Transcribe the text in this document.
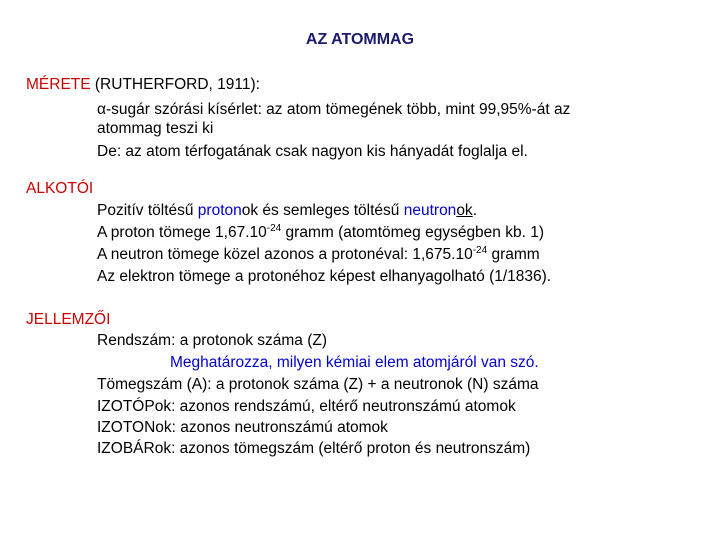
AZ ATOMMAG
MÉRETE (RUTHERFORD, 1911):
α-sugár szórási kísérlet: az atom tömegének több, mint 99,95%-át az
atommag teszi ki
De: az atom térfogatának csak nagyon kis hányadát foglalja el.
ALKOTÓI
Pozitív töltésű protonok és semleges töltésű neutronok.
A proton tömege $1,67.10^{-24}$ gramm (atomtömeg egységben kb. 1)
A neutron tömege közel azonos a protonéval: $1,675.10^{-24}$ gramm
Az elektron tömege a protonéhoz képest elhanyagolható (1/1836).
JELLEMZŐI
Rendszám: a protonok száma (Z)
Meghatározza, milyen kémiai elem atomjáról van szó.
Tömegszám (A): a protonok száma (Z) + a neutronok (N) száma
IZOTÓPok: azonos rendszámú, eltérő neutronszámú atomok
IZOTONok: azonos neutronszámú atomok
IZOBÁRok: azonos tömegszám (eltérő proton és neutronszám)
